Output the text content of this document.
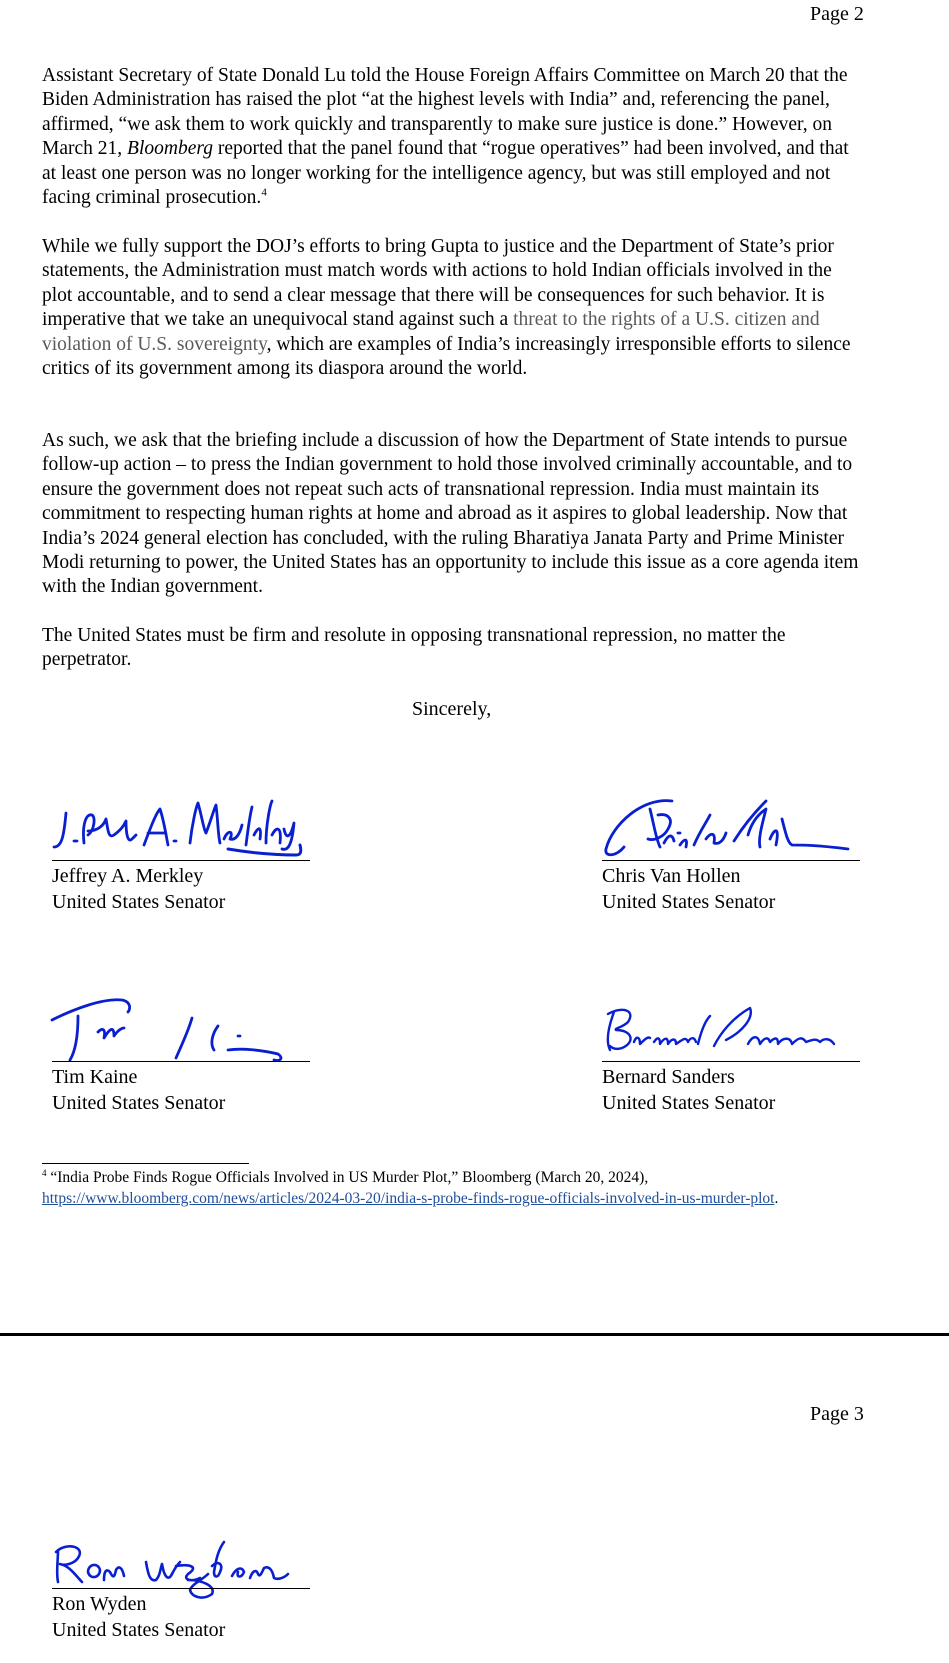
Page 2

Assistant Secretary of State Donald Lu told the House Foreign Affairs Committee on March 20 that the Biden Administration has raised the plot “at the highest levels with India” and, referencing the panel, affirmed, “we ask them to work quickly and transparently to make sure justice is done.” However, on March 21, Bloomberg reported that the panel found that “rogue operatives” had been involved, and that at least one person was no longer working for the intelligence agency, but was still employed and not facing criminal prosecution.$^4$

While we fully support the DOJ’s efforts to bring Gupta to justice and the Department of State’s prior statements, the Administration must match words with actions to hold Indian officials involved in the plot accountable, and to send a clear message that there will be consequences for such behavior. It is imperative that we take an unequivocal stand against such a threat to the rights of a U.S. citizen and violation of U.S. sovereignty, which are examples of India’s increasingly irresponsible efforts to silence critics of its government among its diaspora around the world.

As such, we ask that the briefing include a discussion of how the Department of State intends to pursue follow-up action – to press the Indian government to hold those involved criminally accountable, and to ensure the government does not repeat such acts of transnational repression. India must maintain its commitment to respecting human rights at home and abroad as it aspires to global leadership. Now that India’s 2024 general election has concluded, with the ruling Bharatiya Janata Party and Prime Minister Modi returning to power, the United States has an opportunity to include this issue as a core agenda item with the Indian government.

The United States must be firm and resolute in opposing transnational repression, no matter the perpetrator.

Sincerely,
Jeffrey A. Merkley
United States Senator
Chris Van Hollen
United States Senator
Tim Kaine
United States Senator
Bernard Sanders
United States Senator

$^4$ “India Probe Finds Rogue Officials Involved in US Murder Plot,” Bloomberg (March 20, 2024), https://www.bloomberg.com/news/articles/2024-03-20/india-s-probe-finds-rogue-officials-involved-in-us-murder-plot.

Page 3
Ron Wyden
United States Senator
